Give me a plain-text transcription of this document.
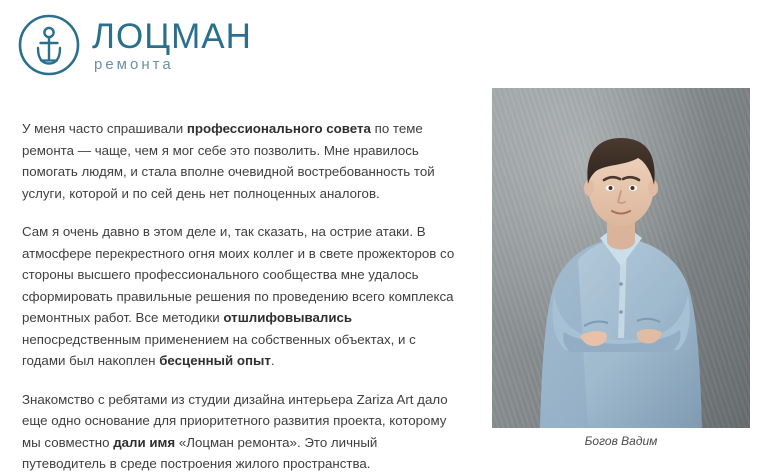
ЛОЦМАН
ремонта

У меня часто спрашивали профессионального совета по теме ремонта — чаще, чем я мог себе это позволить. Мне нравилось помогать людям, и стала вполне очевидной востребованность той услуги, которой и по сей день нет полноценных аналогов.

Сам я очень давно в этом деле и, так сказать, на острие атаки. В атмосфере перекрестного огня моих коллег и в свете прожекторов со стороны высшего профессионального сообщества мне удалось сформировать правильные решения по проведению всего комплекса ремонтных работ. Все методики отшлифовывались непосредственным применением на собственных объектах, и с годами был накоплен бесценный опыт.

Знакомство с ребятами из студии дизайна интерьера Zariza Art дало еще одно основание для приоритетного развития проекта, которому мы совместно дали имя «Лоцман ремонта». Это личный путеводитель в среде построения жилого пространства.

Богов Вадим
